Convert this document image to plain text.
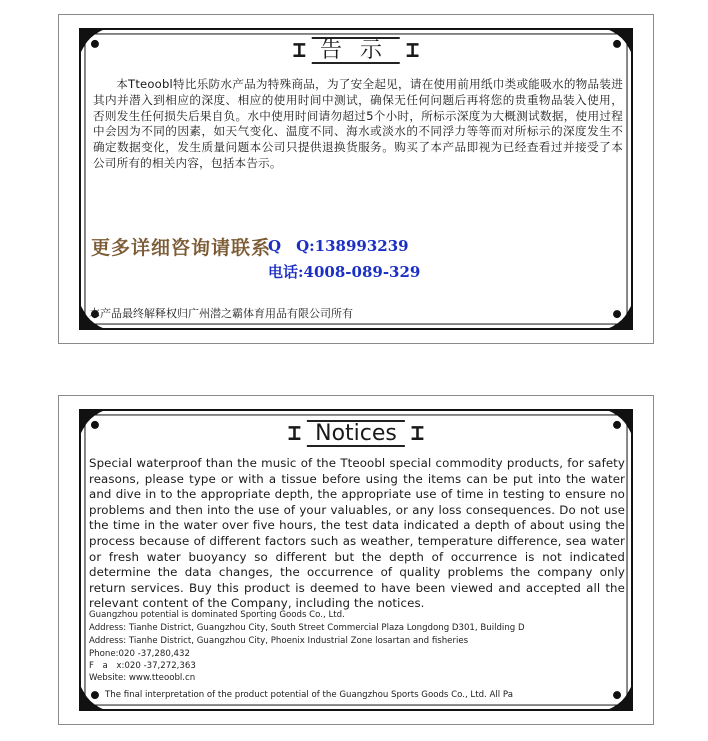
⌶ 告示 ⌶
本Tteoobl特比乐防水产品为特殊商品，为了安全起见，请在使用前用纸巾类或能吸水的物品装进其内并潜入到相应的深度、相应的使用时间中测试，确保无任何问题后再将您的贵重物品装入使用，否则发生任何损失后果自负。水中使用时间请勿超过5个小时，所标示深度为大概测试数据，使用过程中会因为不同的因素，如天气变化、温度不同、海水或淡水的不同浮力等等而对所标示的深度发生不确定数据变化，发生质量问题本公司只提供退换货服务。购买了本产品即视为已经查看过并接受了本公司所有的相关内容，包括本告示。
更多详细咨询请联系
Q　Q:138993239
电话:4008-089-329
本产品最终解释权归广州潜之霸体育用品有限公司所有
⌶ Notices ⌶
Special waterproof than the music of the Tteoobl special commodity products, for safety reasons, please type or with a tissue before using the items can be put into the water and dive in to the appropriate depth, the appropriate use of time in testing to ensure no problems and then into the use of your valuables, or any loss consequences. Do not use the time in the water over five hours, the test data indicated a depth of about using the process because of different factors such as weather, temperature difference, sea water or fresh water buoyancy so different but the depth of occurrence is not indicated determine the data changes, the occurrence of quality problems the company only return services. Buy this product is deemed to have been viewed and accepted all the relevant content of the Company, including the notices.
Guangzhou potential is dominated Sporting Goods Co., Ltd.
Address: Tianhe District, Guangzhou City, South Street Commercial Plaza Longdong D301, Building D
Address: Tianhe District, Guangzhou City, Phoenix Industrial Zone losartan and fisheries
Phone:020 -37,280,432
F　a　x:020 -37,272,363
Website: www.tteoobl.cn
The final interpretation of the product potential of the Guangzhou Sports Goods Co., Ltd. All Pa
